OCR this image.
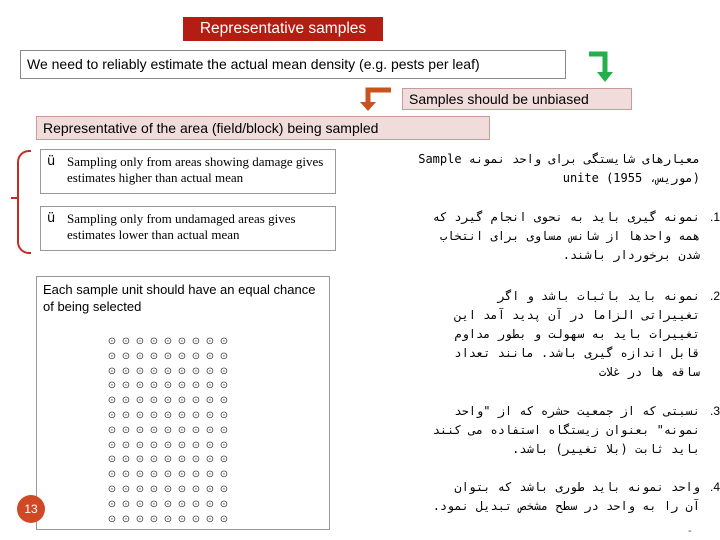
Representative samples
We need to reliably estimate the actual mean density (e.g. pests per leaf)
Samples should be unbiased
Representative of the area (field/block) being sampled
ü Sampling only from areas showing damage gives estimates higher than actual mean
ü Sampling only from undamaged areas gives estimates lower than actual mean
Each sample unit should have an equal chance of being selected
⊙ ⊙ ⊙ ⊙ ⊙ ⊙ ⊙ ⊙ ⊙
⊙ ⊙ ⊙ ⊙ ⊙ ⊙ ⊙ ⊙ ⊙
⊙ ⊙ ⊙ ⊙ ⊙ ⊙ ⊙ ⊙ ⊙
⊙ ⊙ ⊙ ⊙ ⊙ ⊙ ⊙ ⊙ ⊙
⊙ ⊙ ⊙ ⊙ ⊙ ⊙ ⊙ ⊙ ⊙
⊙ ⊙ ⊙ ⊙ ⊙ ⊙ ⊙ ⊙ ⊙
⊙ ⊙ ⊙ ⊙ ⊙ ⊙ ⊙ ⊙ ⊙
⊙ ⊙ ⊙ ⊙ ⊙ ⊙ ⊙ ⊙ ⊙
⊙ ⊙ ⊙ ⊙ ⊙ ⊙ ⊙ ⊙ ⊙
⊙ ⊙ ⊙ ⊙ ⊙ ⊙ ⊙ ⊙ ⊙
⊙ ⊙ ⊙ ⊙ ⊙ ⊙ ⊙ ⊙ ⊙
⊙ ⊙ ⊙ ⊙ ⊙ ⊙ ⊙ ⊙ ⊙
⊙ ⊙ ⊙ ⊙ ⊙ ⊙ ⊙ ⊙ ⊙
13
معیارهای شایستگی برای واحد نمونه Sample
(موریس، 1955) unite
1.
نمونه گیری باید به نحوی انجام گیرد که
همه واحدها از شانس مساوی برای انتخاب
شدن برخوردار باشند.
2.
نمونه باید باثبات باشد و اگر
تغییراتی الزاما در آن پدید آمد این
تغییرات باید به سهولت و بطور مداوم
قابل اندازه گیری باشد. مانند تعداد
ساقه ها در غلات
3.
نسبتی که از جمعیت حشره که از "واحد
نمونه" بعنوان زیستگاه استفاده می کنند
باید ثابت (بلا تغییر) باشد.
4.
واحد نمونه باید طوری باشد که بتوان
آن را به واحد در سطح مشخص تبدیل نمود.
-
